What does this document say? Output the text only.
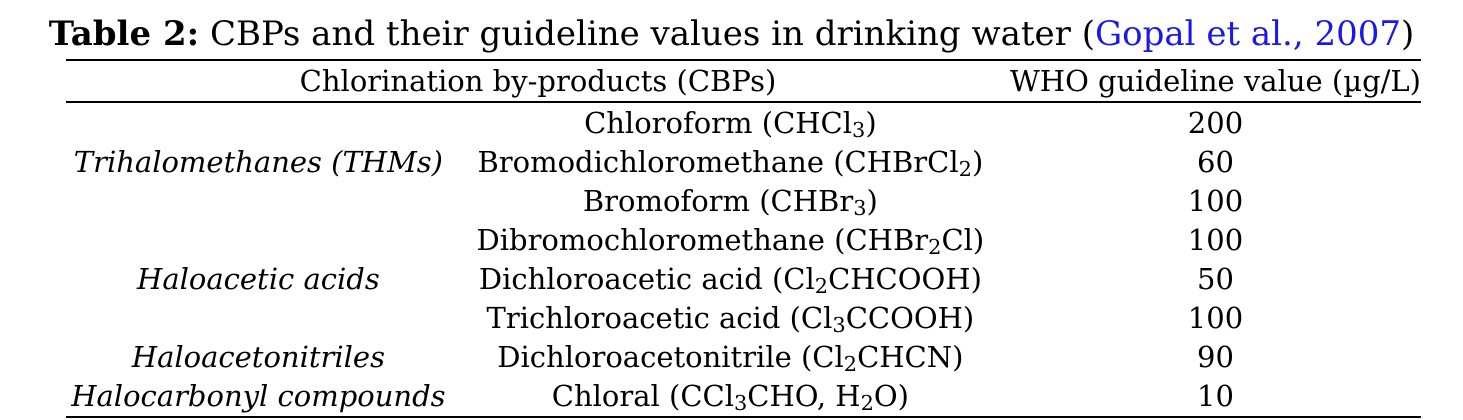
Table 2: CBPs and their guideline values in drinking water (Gopal et al., 2007)
Chlorination by-products (CBPs)		WHO guideline value (µg/L)
Trihalomethanes (THMs)	Chloroform (CHCl$_3$)	200
	Bromodichloromethane (CHBrCl$_2$)	60
	Bromoform (CHBr$_3$)	100
Haloacetic acids	Dibromochloromethane (CHBr$_2$Cl)	100
	Dichloroacetic acid $(Cl_2CHCOOH)$	50
	Trichloroacetic acid $(Cl_3CCOOH)$	100
Haloacetonitriles	Dichloroacetonitrile $(Cl_2CHCN)$	90
Halocarbonyl compounds	Chloral (CCl$_3$CHO, $H_2O$)	10
